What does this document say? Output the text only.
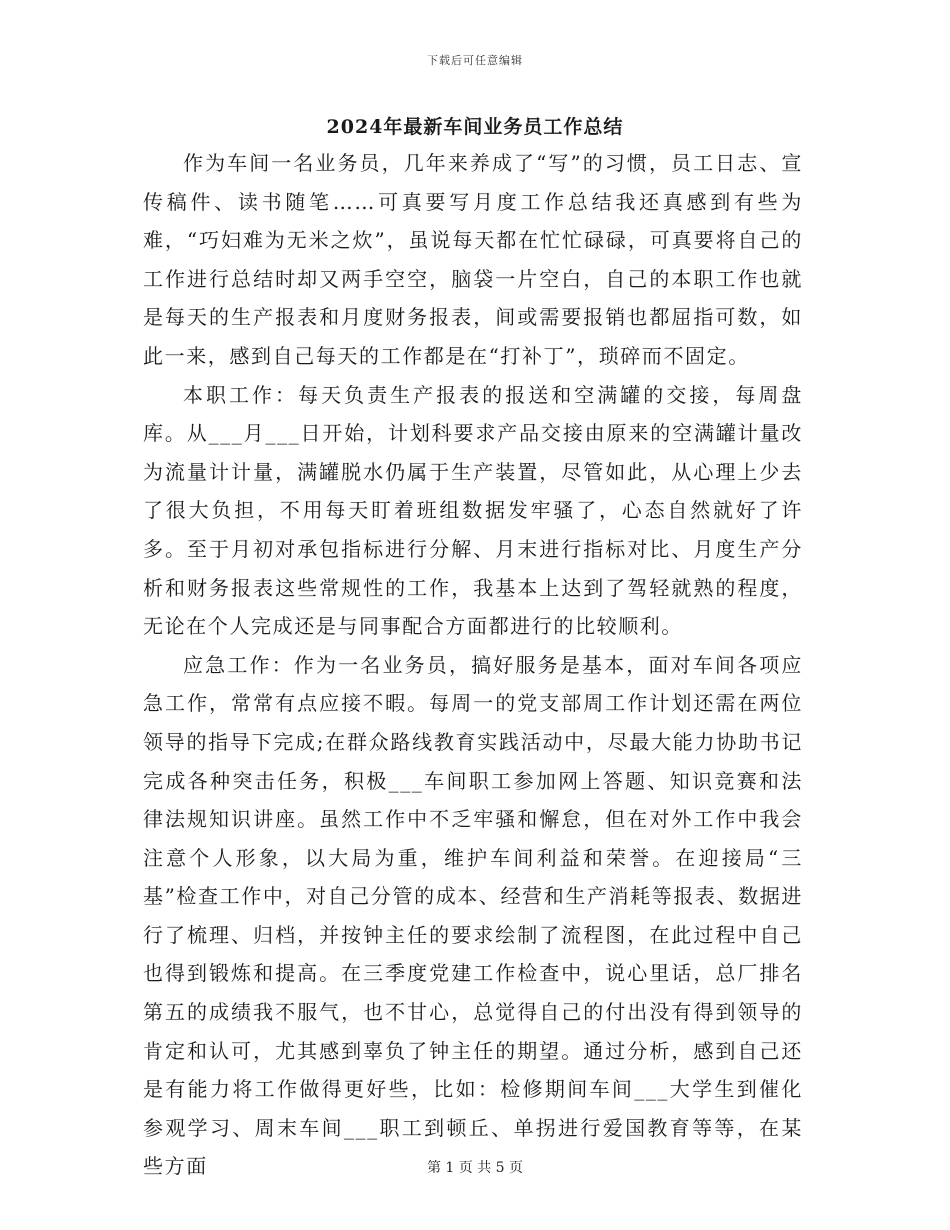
下载后可任意编辑
2024年最新车间业务员工作总结

作为车间一名业务员，几年来养成了“写”的习惯，员工日志、宣传稿件、读书随笔……可真要写月度工作总结我还真感到有些为难，“巧妇难为无米之炊”，虽说每天都在忙忙碌碌，可真要将自己的工作进行总结时却又两手空空，脑袋一片空白，自己的本职工作也就是每天的生产报表和月度财务报表，间或需要报销也都屈指可数，如此一来，感到自己每天的工作都是在“打补丁”，琐碎而不固定。

本职工作：每天负责生产报表的报送和空满罐的交接，每周盘库。从___月___日开始，计划科要求产品交接由原来的空满罐计量改为流量计计量，满罐脱水仍属于生产装置，尽管如此，从心理上少去了很大负担，不用每天盯着班组数据发牢骚了，心态自然就好了许多。至于月初对承包指标进行分解、月末进行指标对比、月度生产分析和财务报表这些常规性的工作，我基本上达到了驾轻就熟的程度，无论在个人完成还是与同事配合方面都进行的比较顺利。

应急工作：作为一名业务员，搞好服务是基本，面对车间各项应急工作，常常有点应接不暇。每周一的党支部周工作计划还需在两位领导的指导下完成;在群众路线教育实践活动中，尽最大能力协助书记完成各种突击任务，积极___车间职工参加网上答题、知识竞赛和法律法规知识讲座。虽然工作中不乏牢骚和懈怠，但在对外工作中我会注意个人形象，以大局为重，维护车间利益和荣誉。在迎接局“三基”检查工作中，对自己分管的成本、经营和生产消耗等报表、数据进行了梳理、归档，并按钟主任的要求绘制了流程图，在此过程中自己也得到锻炼和提高。在三季度党建工作检查中，说心里话，总厂排名第五的成绩我不服气，也不甘心，总觉得自己的付出没有得到领导的肯定和认可，尤其感到辜负了钟主任的期望。通过分析，感到自己还是有能力将工作做得更好些，比如：检修期间车间___大学生到催化参观学习、周末车间___职工到顿丘、单拐进行爱国教育等等，在某些方面	第 1 页 共 5 页
